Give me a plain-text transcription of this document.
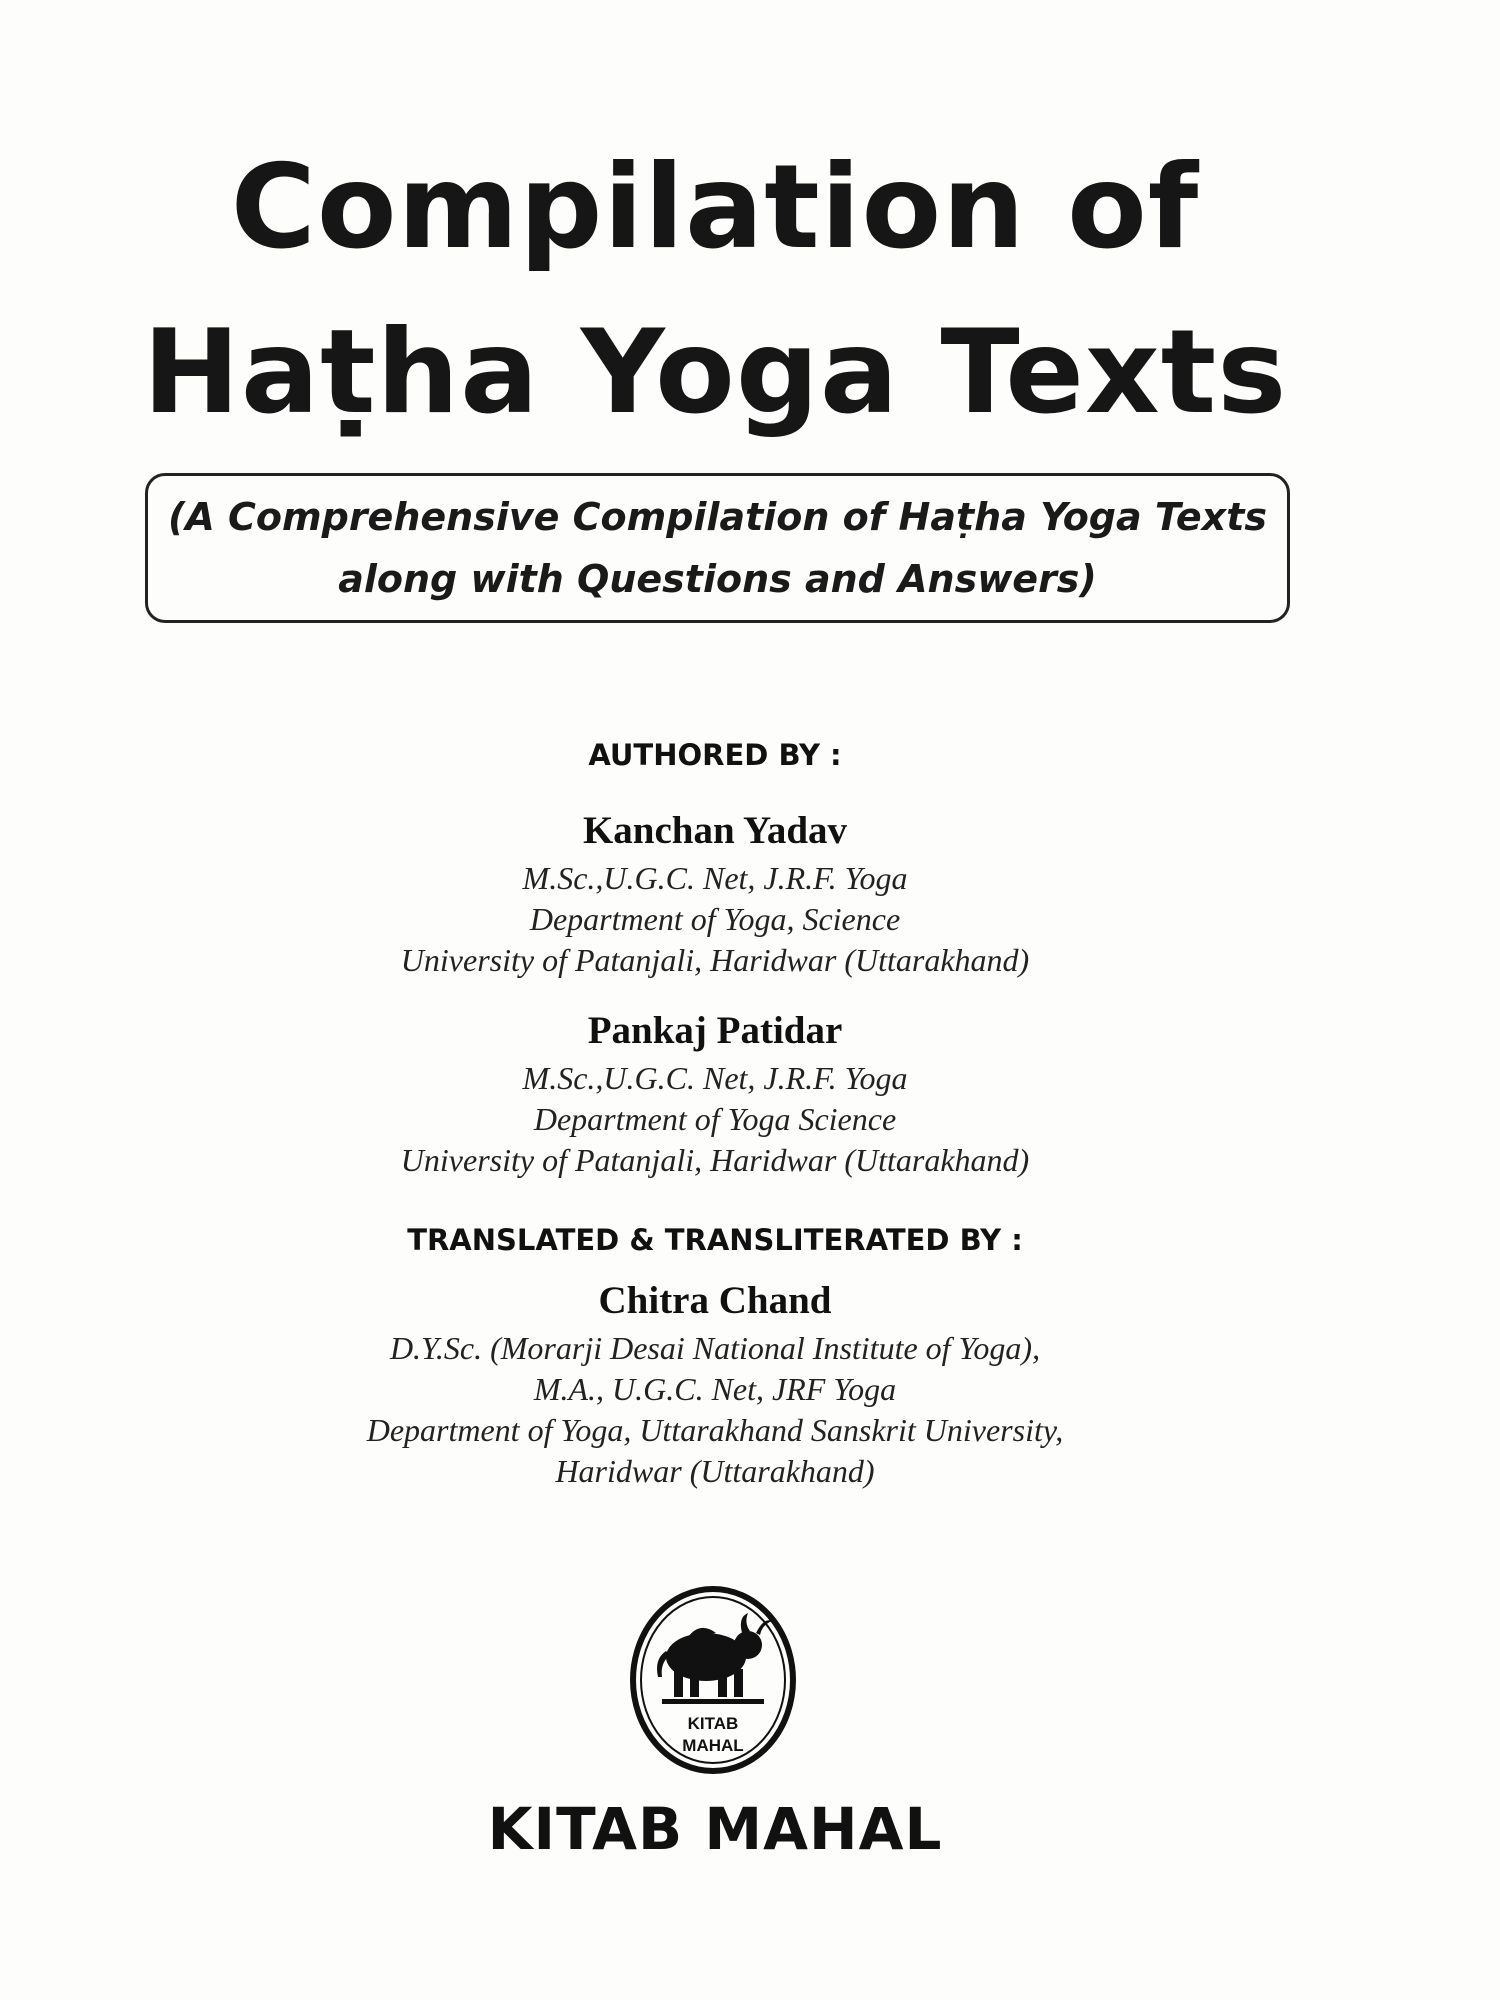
Compilation of
Haṭha Yoga Texts
(A Comprehensive Compilation of Haṭha Yoga Texts
along with Questions and Answers)
AUTHORED BY :
Kanchan Yadav
M.Sc.,U.G.C. Net, J.R.F. Yoga
Department of Yoga, Science
University of Patanjali, Haridwar (Uttarakhand)
Pankaj Patidar
M.Sc.,U.G.C. Net, J.R.F. Yoga
Department of Yoga Science
University of Patanjali, Haridwar (Uttarakhand)
TRANSLATED & TRANSLITERATED BY :
Chitra Chand
D.Y.Sc. (Morarji Desai National Institute of Yoga),
M.A., U.G.C. Net, JRF Yoga
Department of Yoga, Uttarakhand Sanskrit University,
Haridwar (Uttarakhand)
KITAB
MAHAL
KITAB MAHAL
